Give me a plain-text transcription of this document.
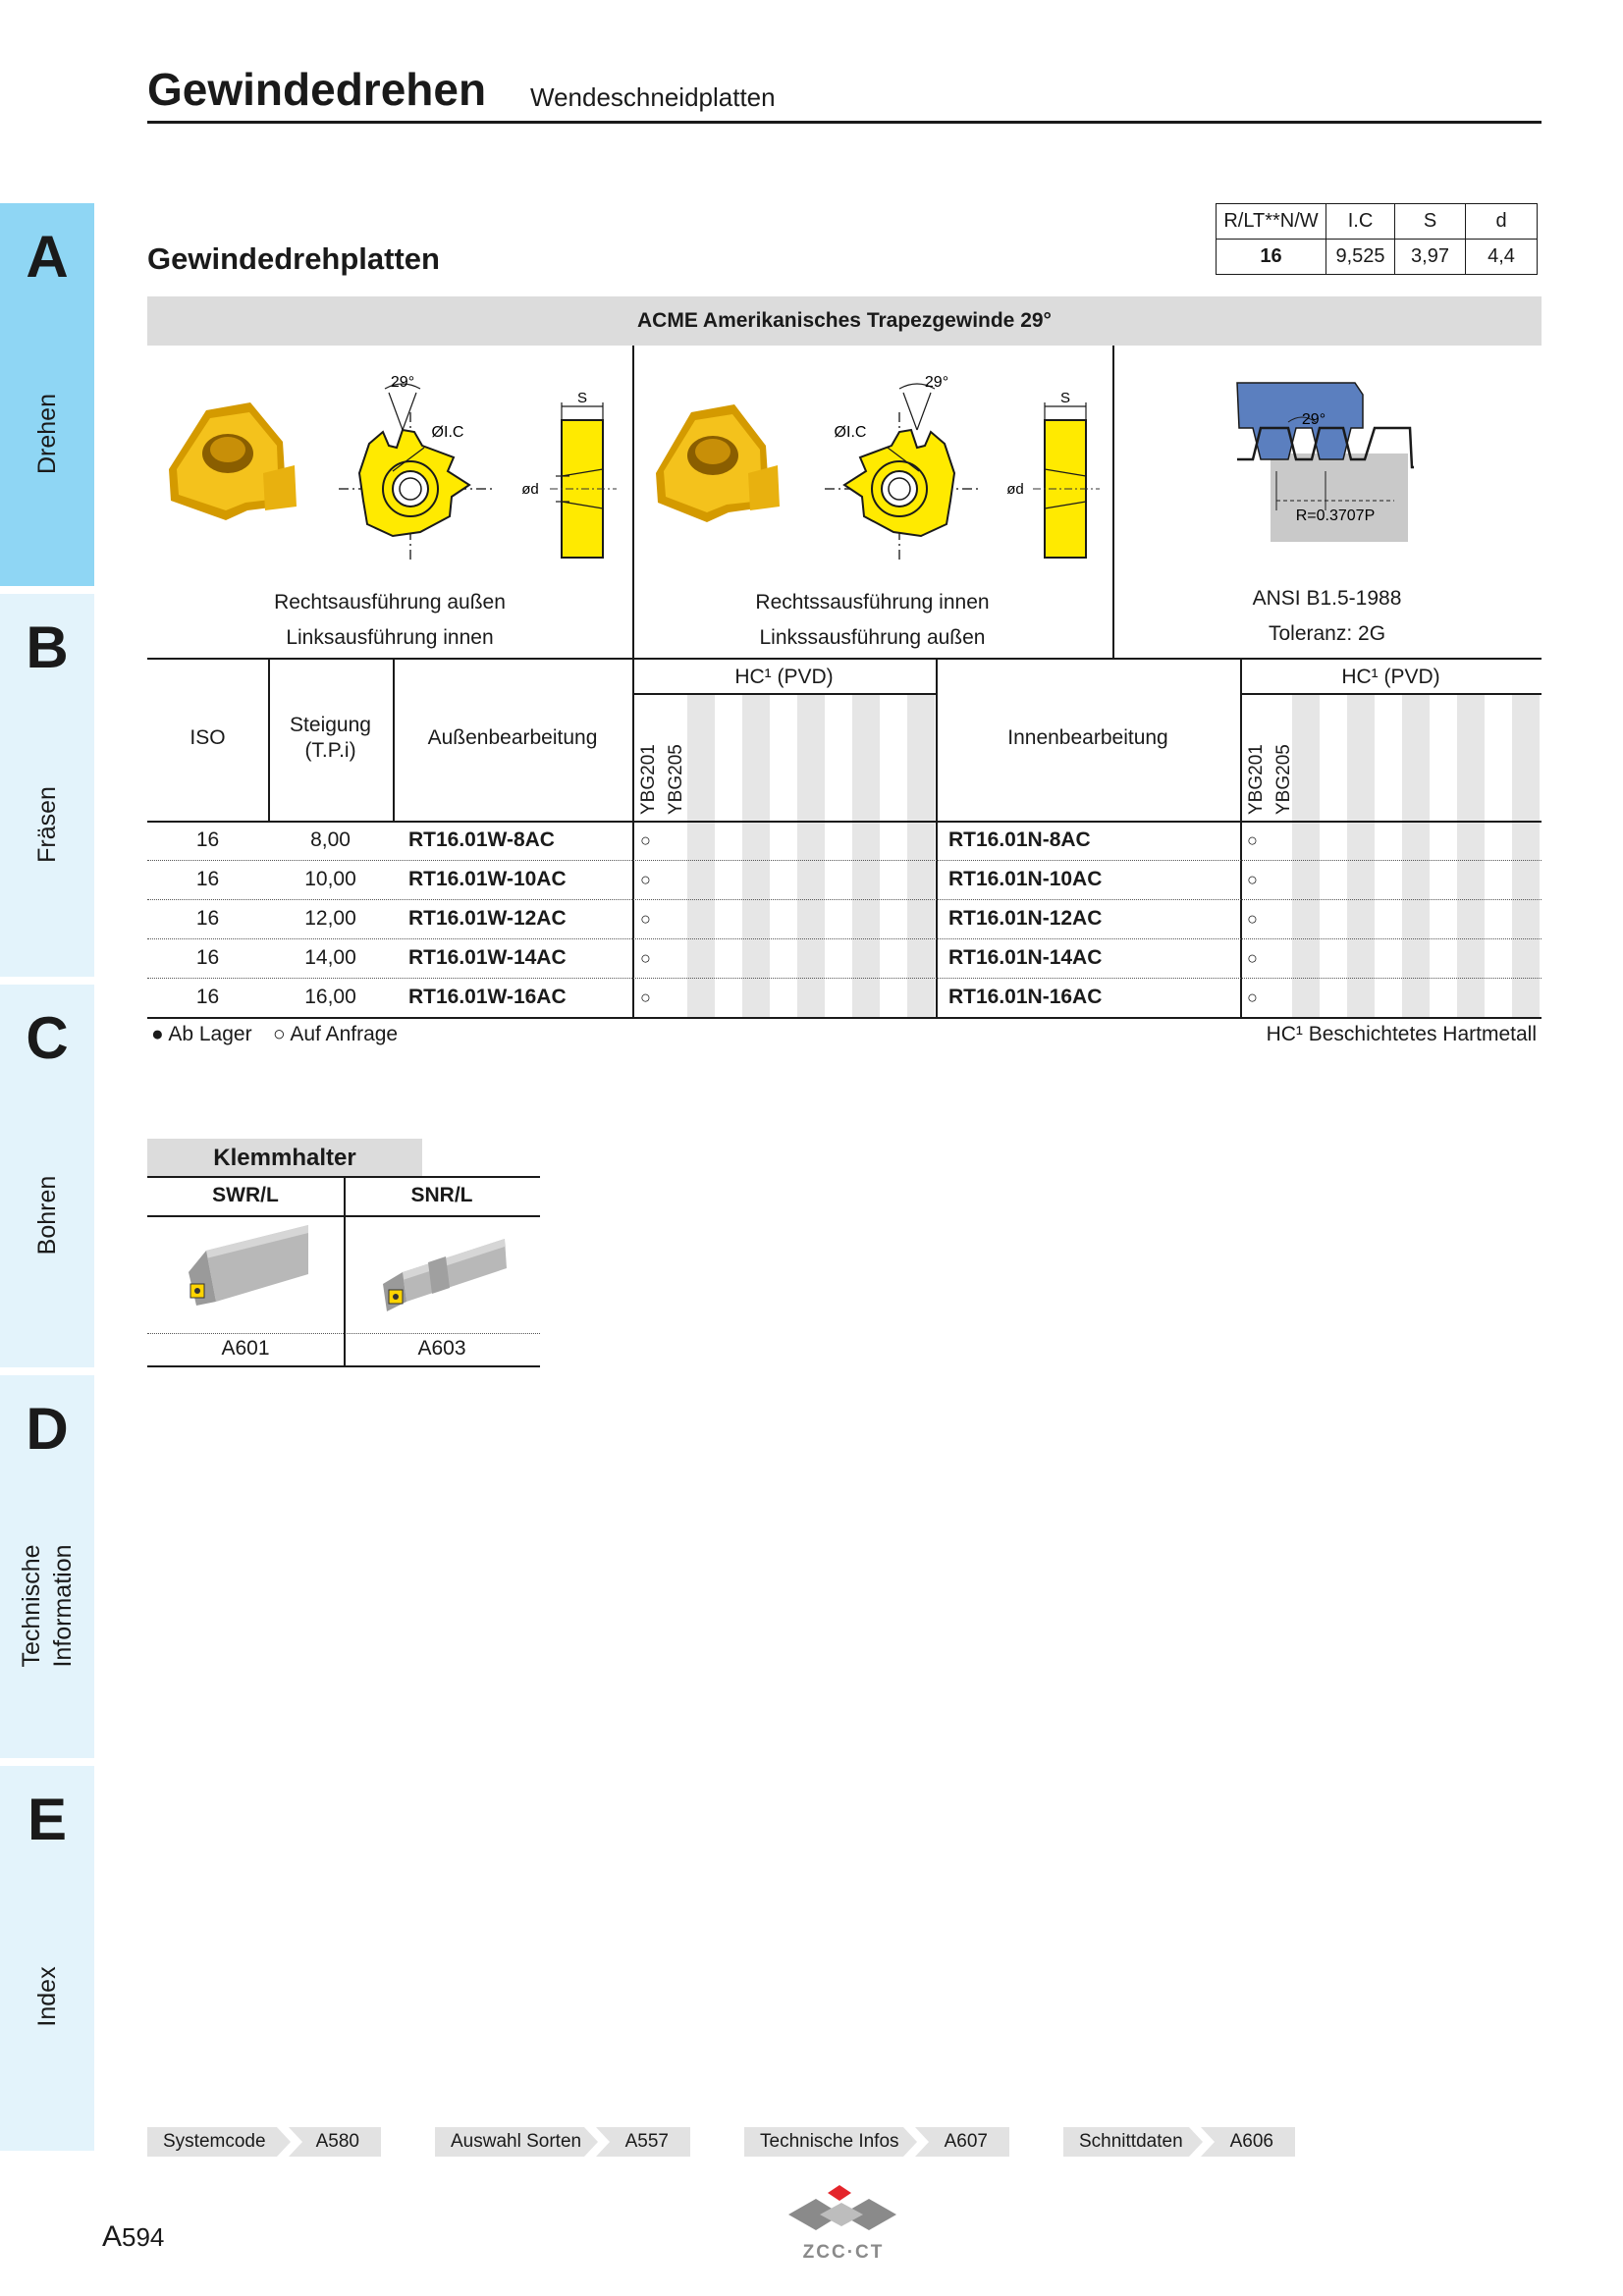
A
Drehen
B
Fräsen
C
Bohren
D
Technische Information
E
Index
Gewindedrehen Wendeschneidplatten
Gewindedrehplatten
R/LT**N/W	I.C	S	d
16	9,525	3,97	4,4
ACME Amerikanisches Trapezgewinde 29°
29°
ØI.C
S
ød
29°
ØI.C
S
ød
29°
R=0.3707P
Rechtsausführung außen
Linksausführung innen
Rechtssausführung innen
Linkssausführung außen
ANSI B1.5-1988
Toleranz: 2G
ISO
Steigung
(T.P.i)
Außenbearbeitung	Innenbearbeitung
HC¹ (PVD)	HC¹ (PVD)
YBG201 YBG205	YBG201 YBG205
16	8,00	RT16.01W-8AC	○	RT16.01N-8AC	○
16	10,00	RT16.01W-10AC	○	RT16.01N-10AC	○
16	12,00	RT16.01W-12AC	○	RT16.01N-12AC	○
16	14,00	RT16.01W-14AC	○	RT16.01N-14AC	○
16	16,00	RT16.01W-16AC	○	RT16.01N-16AC	○
● Ab Lager ○ Auf Anfrage	HC¹ Beschichtetes Hartmetall
Klemmhalter
SWR/L	SNR/L
A601	A603
Systemcode	A580	Auswahl Sorten A557	Technische Infos A607	Schnittdaten	A606
A594
ZCC·CT
